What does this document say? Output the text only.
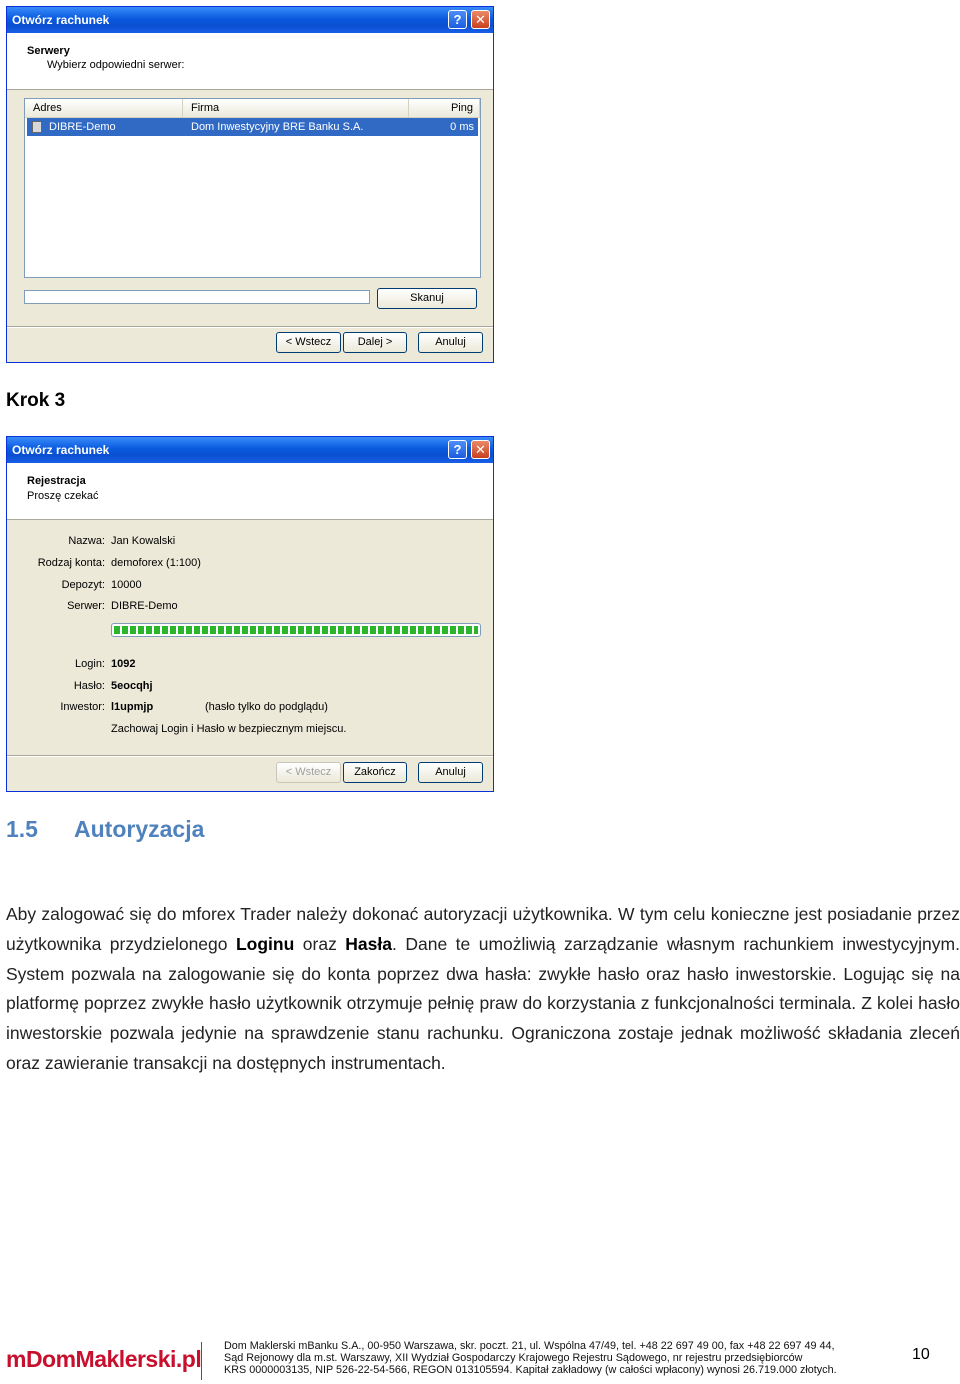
Otwórz rachunek	?	✕
Serwery
Wybierz odpowiedni serwer:
Adres	Firma	Ping
DIBRE-Demo	Dom Inwestycyjny BRE Banku S.A.	0 ms
Skanuj
< Wstecz	Dalej >	Anuluj
Krok 3
Otwórz rachunek	?	✕
Rejestracja
Proszę czekać
Nazwa: Jan Kowalski
Rodzaj konta: demoforex (1:100)
Depozyt: 10000
Serwer: DIBRE-Demo
Login: 1092
Hasło: 5eocqhj
Inwestor: l1upmjp	(hasło tylko do podglądu)
Zachowaj Login i Hasło w bezpiecznym miejscu.
< Wstecz	Zakończ	Anuluj
1.5 Autoryzacja
Aby zalogować się do mforex Trader należy dokonać autoryzacji użytkownika. W tym celu konieczne jest posiadanie przez użytkownika przydzielonego Loginu oraz Hasła. Dane te umożliwią zarządzanie własnym rachunkiem inwestycyjnym. System pozwala na zalogowanie się do konta poprzez dwa hasła: zwykłe hasło oraz hasło inwestorskie. Logując się na platformę poprzez zwykłe hasło użytkownik otrzymuje pełnię praw do korzystania z funkcjonalności terminala. Z kolei hasło inwestorskie pozwala jedynie na sprawdzenie stanu rachunku. Ograniczona zostaje jednak możliwość składania zleceń oraz zawieranie transakcji na dostępnych instrumentach.
mDomMaklerski.pl Dom Maklerski mBanku S.A., 00-950 Warszawa, skr. poczt. 21, ul. Wspólna 47/49, tel. +48 22 697 49 00, fax +48 22 697 49 44,
Sąd Rejonowy dla m.st. Warszawy, XII Wydział Gospodarczy Krajowego Rejestru Sądowego, nr rejestru przedsiębiorców
KRS 0000003135, NIP 526-22-54-566, REGON 013105594. Kapitał zakładowy (w całości wpłacony) wynosi 26.719.000 złotych.
10
